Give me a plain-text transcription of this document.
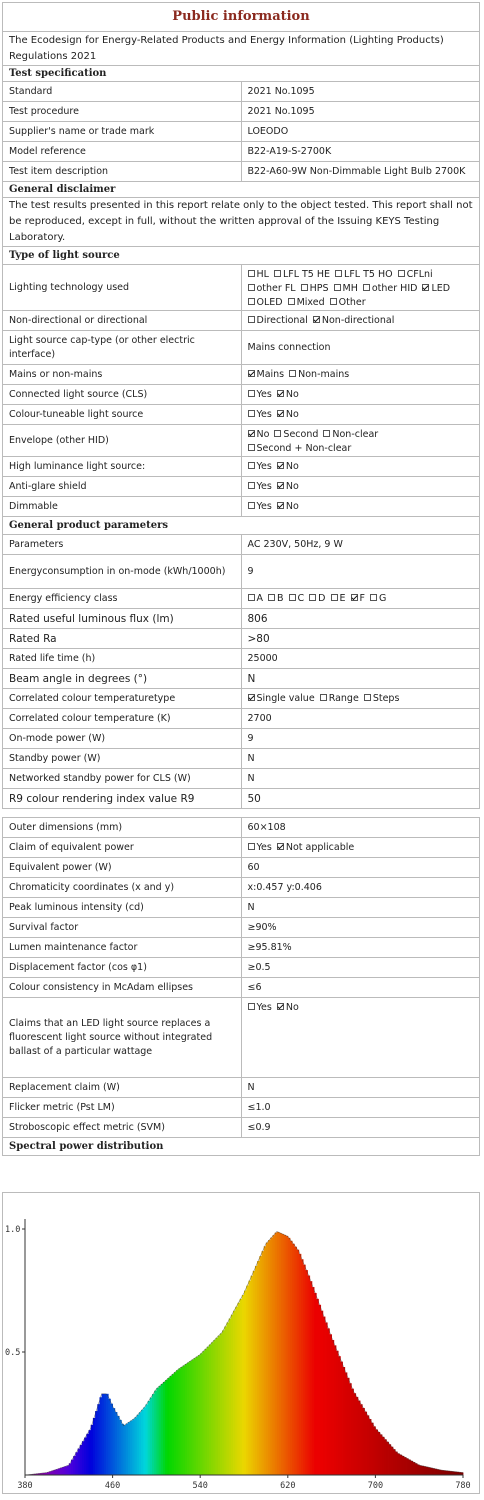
Public information	
The Ecodesign for Energy-Related Products and Energy Information (Lighting Products) Regulations 2021	
Test specification	
Standard	2021 No.1095
Test procedure	2021 No.1095
Supplier's name or trade mark	LOEODO
Model reference	B22-A19-S-2700K
Test item description	B22-A60-9W Non-Dimmable Light Bulb 2700K
General disclaimer	
The test results presented in this report relate only to the object tested. This report shall not be reproduced, except in full, without the written approval of the Issuing KEYS Testing Laboratory.	
Type of light source	
Lighting technology used	HL LFL T5 HE LFL T5 HO CFLniother FL HPS MH other HID LEDOLED Mixed Other
Non-directional or directional	Directional Non-directional
Light source cap-type (or other electric interface)	Mains connection
Mains or non-mains	Mains Non-mains
Connected light source (CLS)	Yes No
Colour-tuneable light source	Yes No
Envelope (other HID)	No Second Non-clearSecond + Non-clear
High luminance light source:	Yes No
Anti-glare shield	Yes No
Dimmable	Yes No
General product parameters	
Parameters	AC 230V, 50Hz, 9 W
Energyconsumption in on-mode (kWh/1000h)	9
Energy efficiency class	A B C D E F G
Rated useful luminous flux (lm)	806
Rated Ra	>80
Rated life time (h)	25000
Beam angle in degrees (°)	N
Correlated colour temperaturetype	Single value Range Steps
Correlated colour temperature (K)	2700
On-mode power (W)	9
Standby power (W)	N
Networked standby power for CLS (W)	N
R9 colour rendering index value R9	50

Outer dimensions (mm)	60×108
Claim of equivalent power	Yes Not applicable
Equivalent power (W)	60
Chromaticity coordinates (x and y)	x:0.457 y:0.406
Peak luminous intensity (cd)	N
Survival factor	≥90%
Lumen maintenance factor	≥95.81%
Displacement factor (cos φ1)	≥0.5
Colour consistency in McAdam ellipses	≤6
Claims that an LED light source replaces a fluorescent light source without integrated ballast of a particular wattage	Yes No
Replacement claim (W)	N
Flicker metric (Pst LM)	≤1.0
Stroboscopic effect metric (SVM)	≤0.9
Spectral power distribution	
380	460	540	620	700	780
0.5
1.0
